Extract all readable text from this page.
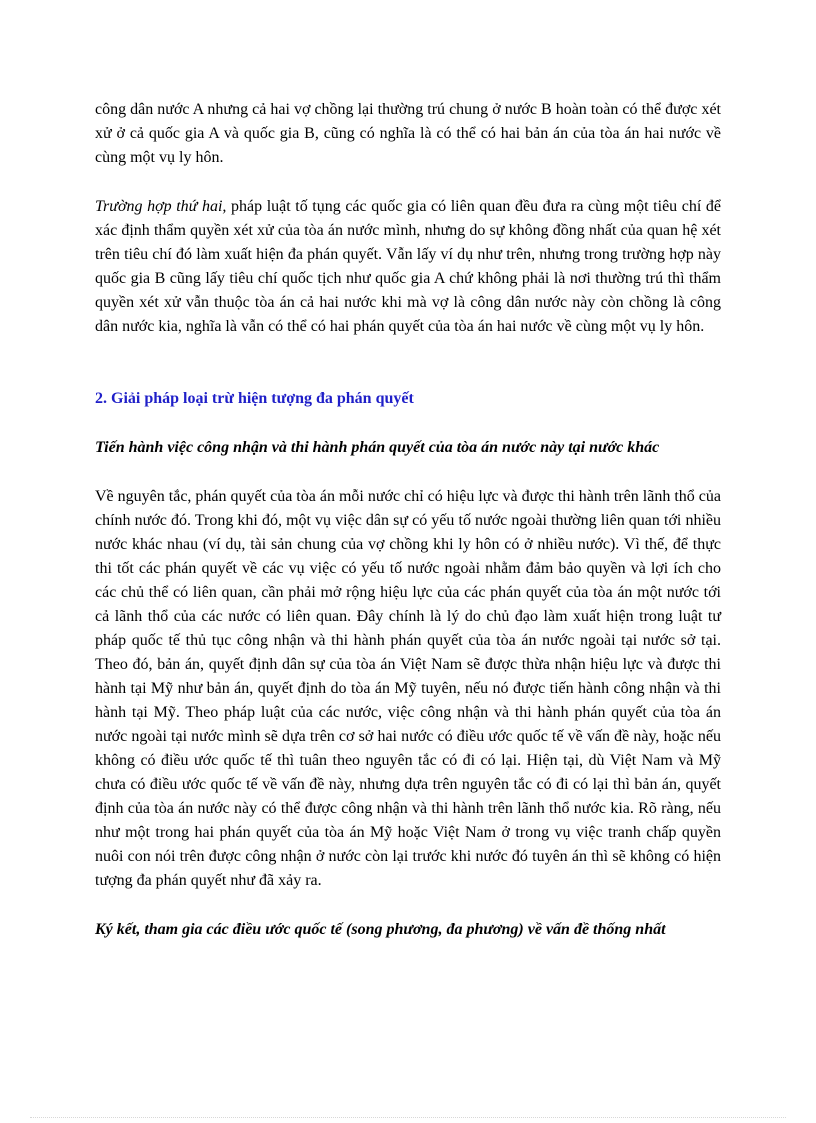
công dân nước A nhưng cả hai vợ chồng lại thường trú chung ở nước B hoàn toàn có thể được xét xử ở cả quốc gia A và quốc gia B, cũng có nghĩa là có thể có hai bản án của tòa án hai nước về cùng một vụ ly hôn.

Trường hợp thứ hai, pháp luật tố tụng các quốc gia có liên quan đều đưa ra cùng một tiêu chí để xác định thẩm quyền xét xử của tòa án nước mình, nhưng do sự không đồng nhất của quan hệ xét trên tiêu chí đó làm xuất hiện đa phán quyết. Vẫn lấy ví dụ như trên, nhưng trong trường hợp này quốc gia B cũng lấy tiêu chí quốc tịch như quốc gia A chứ không phải là nơi thường trú thì thẩm quyền xét xử vẫn thuộc tòa án cả hai nước khi mà vợ là công dân nước này còn chồng là công dân nước kia, nghĩa là vẫn có thể có hai phán quyết của tòa án hai nước về cùng một vụ ly hôn.

2. Giải pháp loại trừ hiện tượng đa phán quyết
Tiến hành việc công nhận và thi hành phán quyết của tòa án nước này tại nước khác

Về nguyên tắc, phán quyết của tòa án mỗi nước chỉ có hiệu lực và được thi hành trên lãnh thổ của chính nước đó. Trong khi đó, một vụ việc dân sự có yếu tố nước ngoài thường liên quan tới nhiều nước khác nhau (ví dụ, tài sản chung của vợ chồng khi ly hôn có ở nhiều nước). Vì thế, để thực thi tốt các phán quyết về các vụ việc có yếu tố nước ngoài nhằm đảm bảo quyền và lợi ích cho các chủ thể có liên quan, cần phải mở rộng hiệu lực của các phán quyết của tòa án một nước tới cả lãnh thổ của các nước có liên quan. Đây chính là lý do chủ đạo làm xuất hiện trong luật tư pháp quốc tế thủ tục công nhận và thi hành phán quyết của tòa án nước ngoài tại nước sở tại. Theo đó, bản án, quyết định dân sự của tòa án Việt Nam sẽ được thừa nhận hiệu lực và được thi hành tại Mỹ như bản án, quyết định do tòa án Mỹ tuyên, nếu nó được tiến hành công nhận và thi hành tại Mỹ. Theo pháp luật của các nước, việc công nhận và thi hành phán quyết của tòa án nước ngoài tại nước mình sẽ dựa trên cơ sở hai nước có điều ước quốc tế về vấn đề này, hoặc nếu không có điều ước quốc tế thì tuân theo nguyên tắc có đi có lại. Hiện tại, dù Việt Nam và Mỹ chưa có điều ước quốc tế về vấn đề này, nhưng dựa trên nguyên tắc có đi có lại thì bản án, quyết định của tòa án nước này có thể được công nhận và thi hành trên lãnh thổ nước kia. Rõ ràng, nếu như một trong hai phán quyết của tòa án Mỹ hoặc Việt Nam ở trong vụ việc tranh chấp quyền nuôi con nói trên được công nhận ở nước còn lại trước khi nước đó tuyên án thì sẽ không có hiện tượng đa phán quyết như đã xảy ra.

Ký kết, tham gia các điều ước quốc tế (song phương, đa phương) về vấn đề thống nhất
